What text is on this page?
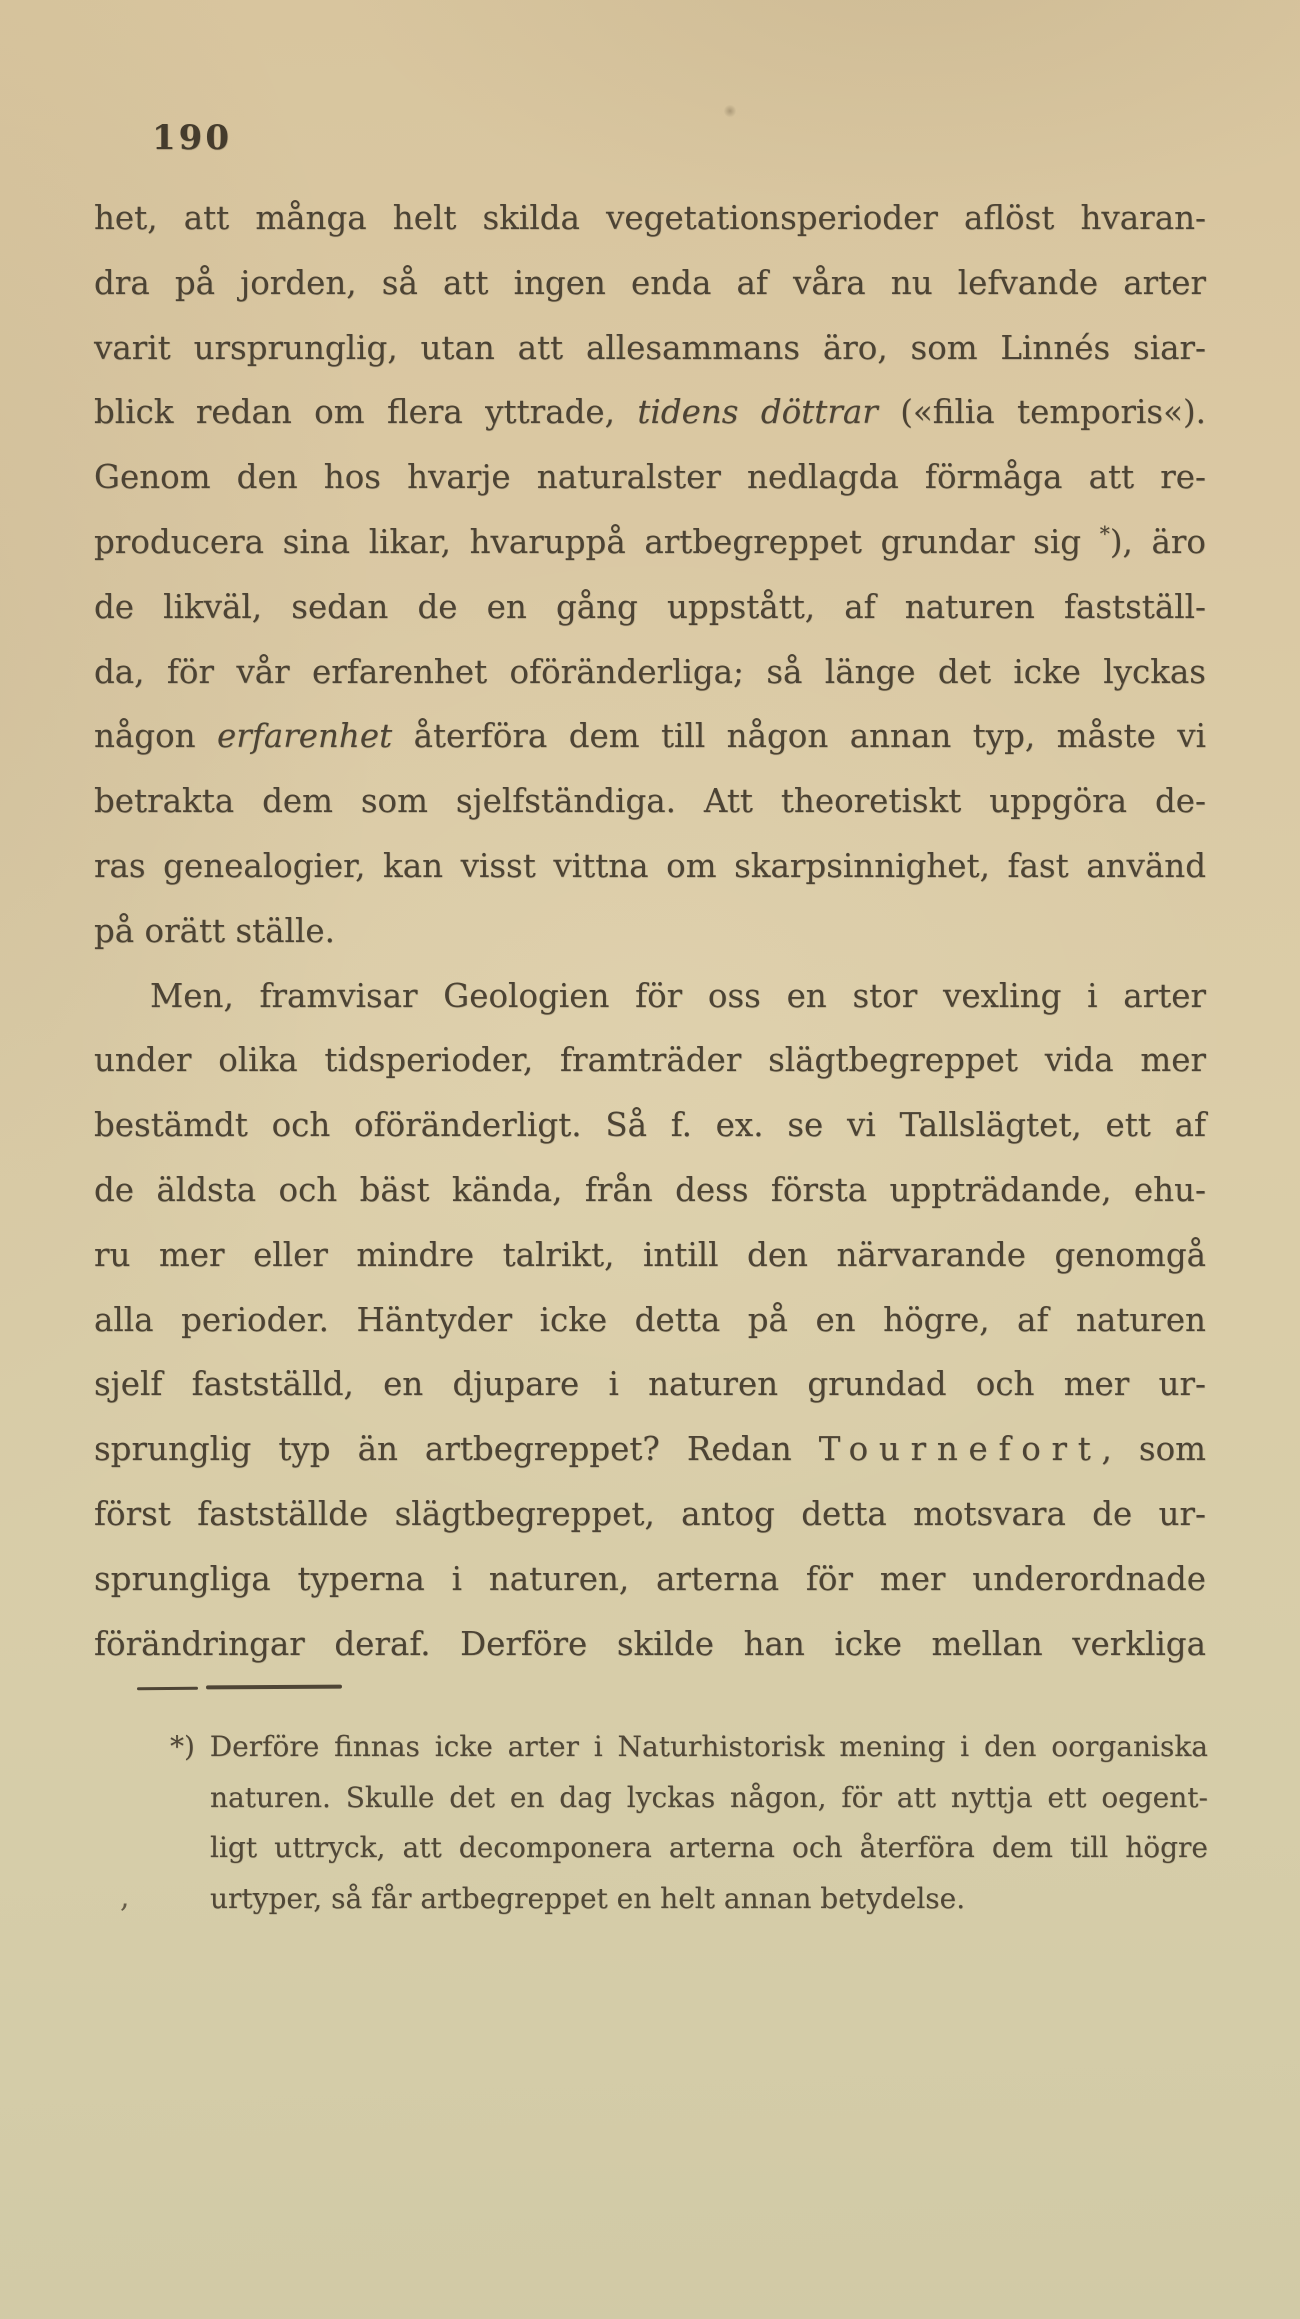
190
het, att många helt skilda vegetationsperioder aflöst hvaran-
dra på jorden, så att ingen enda af våra nu lefvande arter
varit ursprunglig, utan att allesammans äro, som Linnés siar-
blick redan om flera yttrade, tidens döttrar («filia temporis«).
Genom den hos hvarje naturalster nedlagda förmåga att re-
producera sina likar, hvaruppå artbegreppet grundar sig *), äro
de likväl, sedan de en gång uppstått, af naturen fastställ-
da, för vår erfarenhet oföränderliga; så länge det icke lyckas
någon erfarenhet återföra dem till någon annan typ, måste vi
betrakta dem som sjelfständiga. Att theoretiskt uppgöra de-
ras genealogier, kan visst vittna om skarpsinnighet, fast använd
på orätt ställe.
Men, framvisar Geologien för oss en stor vexling i arter
under olika tidsperioder, framträder slägtbegreppet vida mer
bestämdt och oföränderligt. Så f. ex. se vi Tallslägtet, ett af
de äldsta och bäst kända, från dess första uppträdande, ehu-
ru mer eller mindre talrikt, intill den närvarande genomgå
alla perioder. Häntyder icke detta på en högre, af naturen
sjelf fastställd, en djupare i naturen grundad och mer ur-
sprunglig typ än artbegreppet? Redan Tournefort, som
först fastställde slägtbegreppet, antog detta motsvara de ur-
sprungliga typerna i naturen, arterna för mer underordnade
förändringar deraf. Derföre skilde han icke mellan verkliga
*) Derföre finnas icke arter i Naturhistorisk mening i den oorganiska
naturen. Skulle det en dag lyckas någon, för att nyttja ett oegent-
ligt uttryck, att decomponera arterna och återföra dem till högre
urtyper, så får artbegreppet en helt annan betydelse.
,
